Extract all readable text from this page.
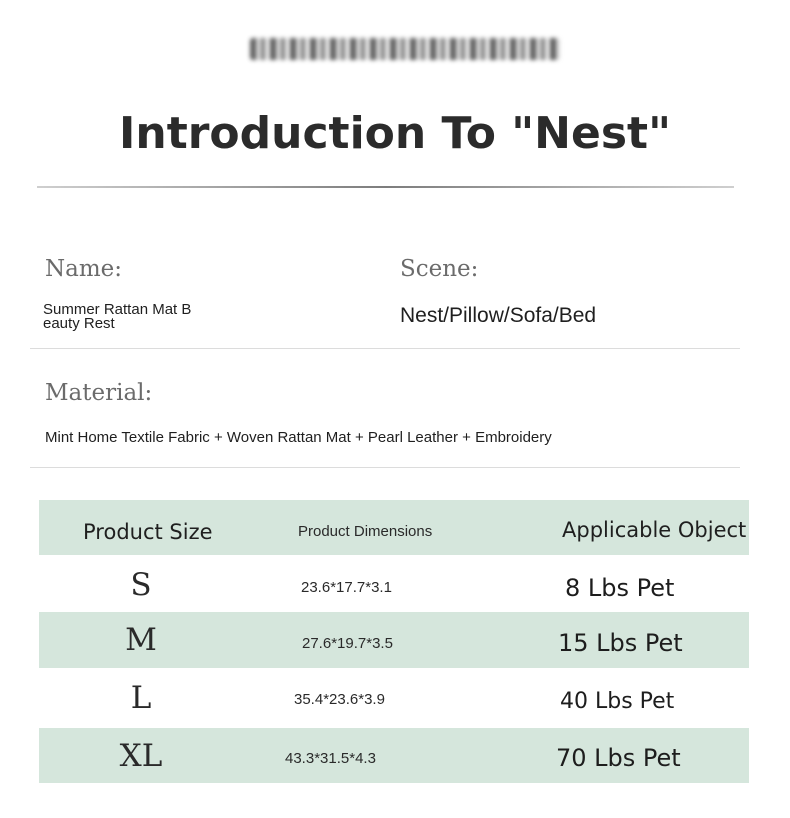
Introduction To "Nest"
Name:
Summer Rattan Mat B
eauty Rest
Scene:
Nest/Pillow/Sofa/Bed
Material:
Mint Home Textile Fabric + Woven Rattan Mat + Pearl Leather + Embroidery
Product Size	Product Dimensions	Applicable Object
S	23.6*17.7*3.1	8 Lbs Pet
M	27.6*19.7*3.5	15 Lbs Pet
L	35.4*23.6*3.9	40 Lbs Pet
XL	43.3*31.5*4.3	70 Lbs Pet
